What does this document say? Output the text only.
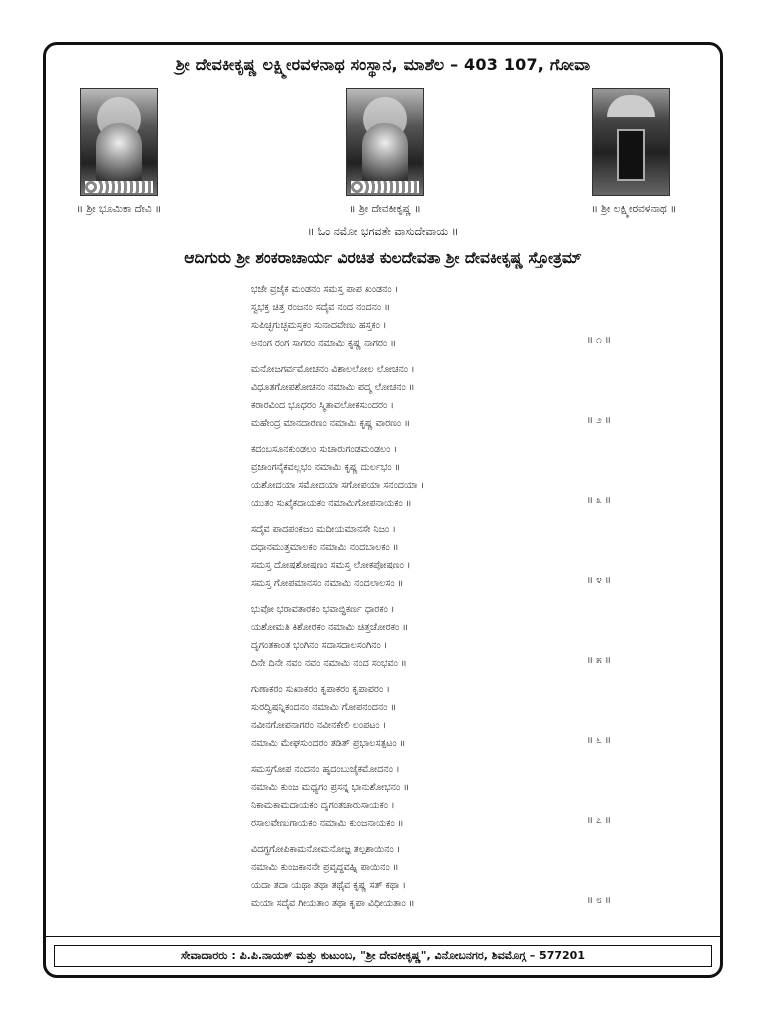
ಶ್ರೀ ದೇವಕೀಕೃಷ್ಣ ಲಕ್ಷ್ಮೀರವಳನಾಥ ಸಂಸ್ಥಾನ, ಮಾಶೆಲ – 403 107, ಗೋವಾ
॥ ಶ್ರೀ ಭೂಮಿಕಾ ದೇವಿ ॥	॥ ಶ್ರೀ ದೇವಕೀಕೃಷ್ಣ ॥	॥ ಶ್ರೀ ಲಕ್ಷ್ಮೀರವಳನಾಥ ॥
॥ ಓಂ ನಮೋ ಭಗವತೇ ವಾಸುದೇವಾಯ ॥
ಆದಿಗುರು ಶ್ರೀ ಶಂಕರಾಚಾರ್ಯ ವಿರಚಿತ ಕುಲದೇವತಾ ಶ್ರೀ ದೇವಕೀಕೃಷ್ಣ ಸ್ತೋತ್ರಮ್
ಭಜೇ ವ್ರಜೈಕ ಮಂಡನಂ ಸಮಸ್ತ ಪಾಪ ಖಂಡನಂ ।
ಸ್ವಭಕ್ತ ಚಿತ್ತ ರಂಜನಂ ಸದೈವ ನಂದ ನಂದನಂ ॥
ಸುಪಿಚ್ಛಗುಚ್ಛಮಸ್ತಕಂ ಸುನಾದವೇಣು ಹಸ್ತಕಂ ।
ಅನಂಗ ರಂಗ ಸಾಗರಂ ನಮಾಮಿ ಕೃಷ್ಣ ನಾಗರಂ ॥	॥ ೧ ॥
ಮನೋಜಗರ್ವಮೋಚನಂ ವಿಶಾಲಲೋಲ ಲೋಚನಂ ।
ವಿಧೂತಗೋಪಶೋಚನಂ ನಮಾಮಿ ಪದ್ಮ ಲೋಚನಂ ॥
ಕರಾರವಿಂದ ಭೂಧರಂ ಸ್ಮಿತಾವಲೋಕಸುಂದರಂ ।
ಮಹೇಂದ್ರ ಮಾನದಾರಣಂ ನಮಾಮಿ ಕೃಷ್ಣ ವಾರಣಂ ॥	॥ ೨ ॥
ಕದಂಬಸೂನಕುಂಡಲಂ ಸುಚಾರುಗಂಡಮಂಡಲಂ ।
ವ್ರಜಾಂಗನೈಕವಲ್ಲಭಂ ನಮಾಮಿ ಕೃಷ್ಣ ದುರ್ಲಭಂ ॥
ಯಶೋದಯಾ ಸಮೋದಯಾ ಸಗೋಪಯಾ ಸನಂದಯಾ ।
ಯುತಂ ಸುಖೈಕದಾಯಕಂ ನಮಾಮಿಗೋಪನಾಯಕಂ ॥	॥ ೩ ॥
ಸದೈವ ಪಾದಪಂಕಜಂ ಮದೀಯಮಾನಸೇ ನಿಜಂ ।
ದಧಾನಮುತ್ತಮಾಲಕಂ ನಮಾಮಿ ನಂದಬಾಲಕಂ ॥
ಸಮಸ್ತ ದೋಷಶೋಷಣಂ ಸಮಸ್ತ ಲೋಕಪೋಷಣಂ ।
ಸಮಸ್ತ ಗೋಪಮಾನಸಂ ನಮಾಮಿ ನಂದಲಾಲಸಂ ॥	॥ ೪ ॥
ಭುವೋ ಭರಾವತಾರಕಂ ಭವಾಬ್ಧಿಕರ್ಣ ಧಾರಕಂ ।
ಯಶೋಮತಿ ಕಿಶೋರಕಂ ನಮಾಮಿ ಚಿತ್ತಚೋರಕಂ ॥
ದೃಗಂತಕಾಂತ ಭಂಗಿನಂ ಸದಾಸದಾಲಸಂಗಿನಂ ।
ದಿನೇ ದಿನೇ ನವಂ ನವಂ ನಮಾಮಿ ನಂದ ಸಂಭವಂ ॥	॥ ೫ ॥
ಗುಣಾಕರಂ ಸುಖಾಕರಂ ಕೃಪಾಕರಂ ಕೃಪಾಪರಂ ।
ಸುರದ್ವಿಷನ್ನಿಕಂದನಂ ನಮಾಮಿ ಗೋಪನಂದನಂ ॥
ನವೀನಗೋಪನಾಗರಂ ನವೀನಕೇಲಿ ಲಂಪಟಂ ।
ನಮಾಮಿ ಮೇಘಸುಂದರಂ ತಡಿತ್ ಪ್ರಭಾಲಸತ್ಪಟಂ ॥	॥ ೬ ॥
ಸಮಸ್ತಗೋಪ ನಂದನಂ ಹೃದಂಬುಜೈಕಮೋದನಂ ।
ನಮಾಮಿ ಕುಂಜ ಮಧ್ಯಗಂ ಪ್ರಸನ್ನ ಭಾನುಶೋಭನಂ ॥
ನಿಕಾಮಕಾಮದಾಯಕಂ ದೃಗಂತಚಾರುಸಾಯಕಂ ।
ರಸಾಲವೇಣುಗಾಯಕಂ ನಮಾಮಿ ಕುಂಜನಾಯಕಂ ॥	॥ ೭ ॥
ವಿದಗ್ಧಗೋಪಿಕಾಮನೋಮನೋಜ್ಞ ತಲ್ಪಶಾಯಿನಂ ।
ನಮಾಮಿ ಕುಂಜಕಾನನೇ ಪ್ರವೃದ್ಧವಹ್ನಿ ಪಾಯಿನಂ ॥
ಯದಾ ತದಾ ಯಥಾ ತಥಾ ತಥೈವ ಕೃಷ್ಣ ಸತ್ ಕಥಾ ।
ಮಯಾ ಸದೈವ ಗೀಯತಾಂ ತಥಾ ಕೃಪಾ ವಿಧೀಯತಾಂ ॥	॥ ೮ ॥
ಸೇವಾದಾರರು : ಪಿ.ಪಿ.ನಾಯಕ್ ಮತ್ತು ಕುಟುಂಬ, "ಶ್ರೀ ದೇವಕೀಕೃಷ್ಣ", ವಿನೋಬನಗರ, ಶಿವಮೊಗ್ಗ – 577201
